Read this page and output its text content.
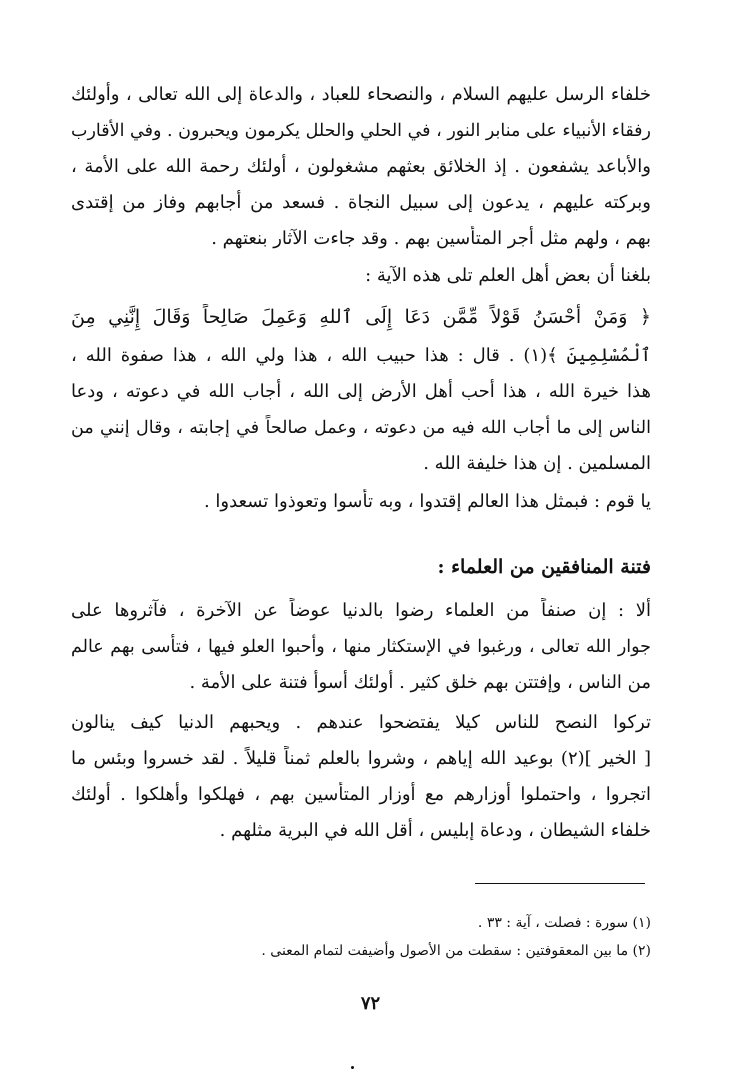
خلفاء الرسل عليهم السلام ، والنصحاء للعباد ، والدعاة إلى الله تعالى ، وأولئك
رفقاء الأنبياء على منابر النور ، في الحلي والحلل يكرمون ويحبرون . وفي الأقارب
والأباعد يشفعون . إذ الخلائق بعثهم مشغولون ، أولئك رحمة الله على الأمة ،
وبركته عليهم ، يدعون إلى سبيل النجاة . فسعد من أجابهم وفاز من إقتدى
بهم ، ولهم مثل أجر المتأسين بهم . وقد جاءت الآثار بنعتهم .
بلغنا أن بعض أهل العلم تلى هذه الآية :
﴿ وَمَنْ أَحْسَنُ قَوْلاً مِّمَّن دَعَا إِلَى ٱللهِ وَعَمِلَ صَالِحاً وَقَالَ إِنَّنِي مِنَ
ٱلْمُسْلِمِينَ ﴾(١) . قال : هذا حبيب الله ، هذا ولي الله ، هذا صفوة الله ،
هذا خيرة الله ، هذا أحب أهل الأرض إلى الله ، أجاب الله في دعوته ، ودعا
الناس إلى ما أجاب الله فيه من دعوته ، وعمل صالحاً في إجابته ، وقال إنني من
المسلمين . إن هذا خليفة الله .
يا قوم : فبمثل هذا العالم إقتدوا ، وبه تأسوا وتعوذوا تسعدوا .
فتنة المنافقين من العلماء :
ألا : إن صنفاً من العلماء رضوا بالدنيا عوضاً عن الآخرة ، فآثروها على
جوار الله تعالى ، ورغبوا في الإستكثار منها ، وأحبوا العلو فيها ، فتأسى بهم عالم
من الناس ، وإفتتن بهم خلق كثير . أولئك أسوأ فتنة على الأمة .
تركوا النصح للناس كيلا يفتضحوا عندهم . ويحبهم الدنيا كيف ينالون
[ الخير ](٢) بوعيد الله إياهم ، وشروا بالعلم ثمناً قليلاً . لقد خسروا وبئس ما
اتجروا ، واحتملوا أوزارهم مع أوزار المتأسين بهم ، فهلكوا وأهلكوا . أولئك
خلفاء الشيطان ، ودعاة إبليس ، أقل الله في البرية مثلهم .
(١) سورة : فصلت ، آية : ٣٣ .
(٢) ما بين المعقوفتين : سقطت من الأصول وأضيفت لتمام المعنى .
٧٢
